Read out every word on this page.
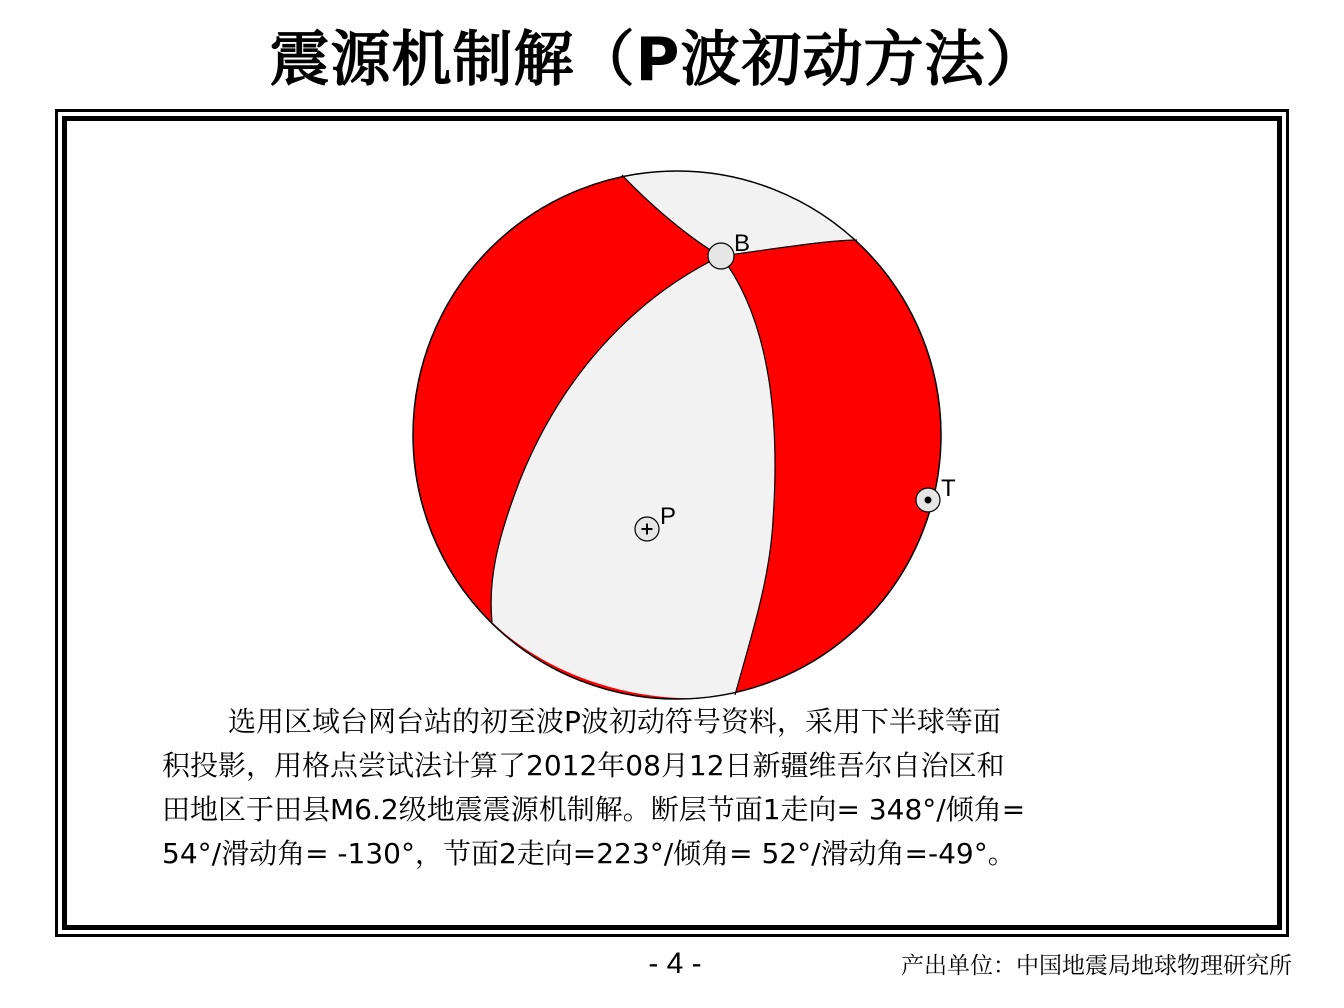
震源机制解（P波初动方法）
B
T
P
选用区域台网台站的初至波P波初动符号资料，采用下半球等面
积投影，用格点尝试法计算了2012年08月12日新疆维吾尔自治区和
田地区于田县M6.2级地震震源机制解。断层节面1走向= 348°/倾角=
54°/滑动角= -130°，节面2走向=223°/倾角= 52°/滑动角=-49°。
- 4 -	产出单位：中国地震局地球物理研究所
